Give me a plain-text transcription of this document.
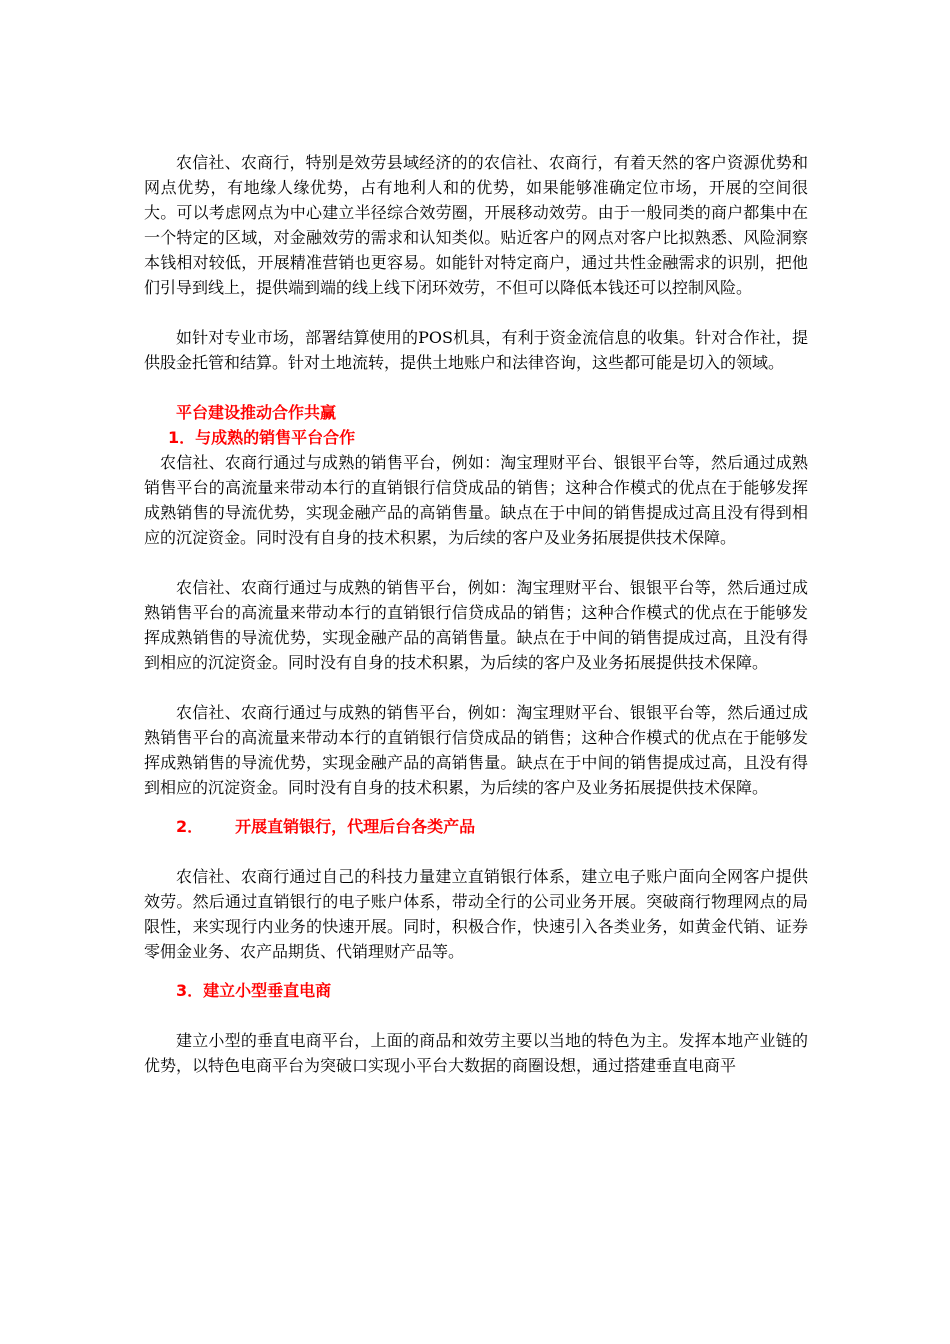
农信社、农商行，特别是效劳县域经济的的农信社、农商行，有着天然的客户资源优势和网点优势，有地缘人缘优势，占有地利人和的优势，如果能够准确定位市场，开展的空间很大。可以考虑网点为中心建立半径综合效劳圈，开展移动效劳。由于一般同类的商户都集中在一个特定的区域，对金融效劳的需求和认知类似。贴近客户的网点对客户比拟熟悉、风险洞察本钱相对较低，开展精准营销也更容易。如能针对特定商户，通过共性金融需求的识别，把他们引导到线上，提供端到端的线上线下闭环效劳，不但可以降低本钱还可以控制风险。

如针对专业市场，部署结算使用的POS机具，有利于资金流信息的收集。针对合作社，提供股金托管和结算。针对土地流转，提供土地账户和法律咨询，这些都可能是切入的领域。

平台建设推动合作共赢

1．与成熟的销售平台合作

农信社、农商行通过与成熟的销售平台，例如：淘宝理财平台、银银平台等，然后通过成熟销售平台的高流量来带动本行的直销银行信贷成品的销售；这种合作模式的优点在于能够发挥成熟销售的导流优势，实现金融产品的高销售量。缺点在于中间的销售提成过高且没有得到相应的沉淀资金。同时没有自身的技术积累，为后续的客户及业务拓展提供技术保障。

农信社、农商行通过与成熟的销售平台，例如：淘宝理财平台、银银平台等，然后通过成熟销售平台的高流量来带动本行的直销银行信贷成品的销售；这种合作模式的优点在于能够发挥成熟销售的导流优势，实现金融产品的高销售量。缺点在于中间的销售提成过高，且没有得到相应的沉淀资金。同时没有自身的技术积累，为后续的客户及业务拓展提供技术保障。

农信社、农商行通过与成熟的销售平台，例如：淘宝理财平台、银银平台等，然后通过成熟销售平台的高流量来带动本行的直销银行信贷成品的销售；这种合作模式的优点在于能够发挥成熟销售的导流优势，实现金融产品的高销售量。缺点在于中间的销售提成过高，且没有得到相应的沉淀资金。同时没有自身的技术积累，为后续的客户及业务拓展提供技术保障。

2． 开展直销银行，代理后台各类产品

农信社、农商行通过自己的科技力量建立直销银行体系，建立电子账户面向全网客户提供效劳。然后通过直销银行的电子账户体系，带动全行的公司业务开展。突破商行物理网点的局限性，来实现行内业务的快速开展。同时，积极合作，快速引入各类业务，如黄金代销、证券零佣金业务、农产品期货、代销理财产品等。

3．建立小型垂直电商

建立小型的垂直电商平台，上面的商品和效劳主要以当地的特色为主。发挥本地产业链的优势，以特色电商平台为突破口实现小平台大数据的商圈设想，通过搭建垂直电商平
